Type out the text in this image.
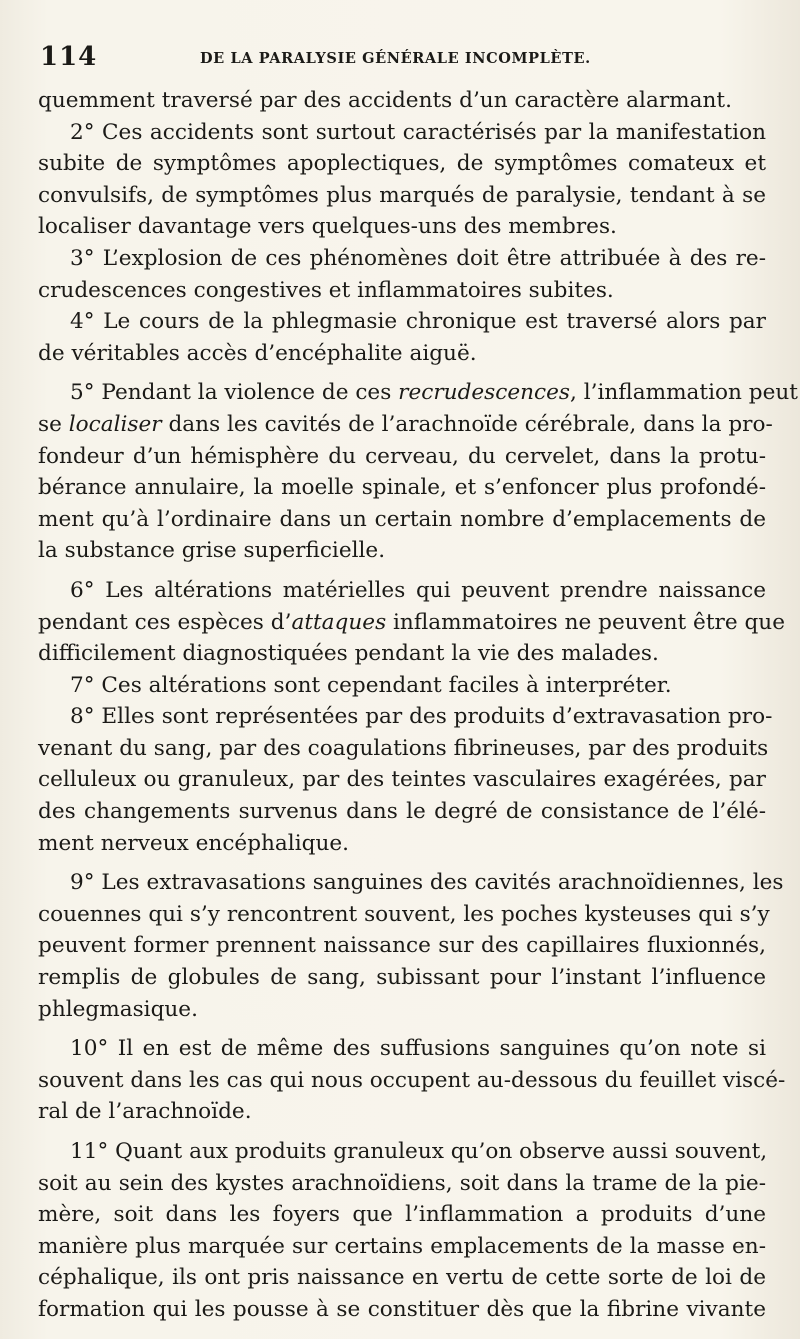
114	DE LA PARALYSIE GÉNÉRALE INCOMPLÈTE.
quemment traversé par des accidents d’un caractère alarmant.
2° Ces accidents sont surtout caractérisés par la manifestation
subite de symptômes apoplectiques, de symptômes comateux et
convulsifs, de symptômes plus marqués de paralysie, tendant à se
localiser davantage vers quelques-uns des membres.
3° L’explosion de ces phénomènes doit être attribuée à des re-
crudescences congestives et inflammatoires subites.
4° Le cours de la phlegmasie chronique est traversé alors par
de véritables accès d’encéphalite aiguë.
5° Pendant la violence de ces recrudescences, l’inflammation peut
se localiser dans les cavités de l’arachnoïde cérébrale, dans la pro-
fondeur d’un hémisphère du cerveau, du cervelet, dans la protu-
bérance annulaire, la moelle spinale, et s’enfoncer plus profondé-
ment qu’à l’ordinaire dans un certain nombre d’emplacements de
la substance grise superficielle.
6° Les altérations matérielles qui peuvent prendre naissance
pendant ces espèces d’attaques inflammatoires ne peuvent être que
difficilement diagnostiquées pendant la vie des malades.
7° Ces altérations sont cependant faciles à interpréter.
8° Elles sont représentées par des produits d’extravasation pro-
venant du sang, par des coagulations fibrineuses, par des produits
celluleux ou granuleux, par des teintes vasculaires exagérées, par
des changements survenus dans le degré de consistance de l’élé-
ment nerveux encéphalique.
9° Les extravasations sanguines des cavités arachnoïdiennes, les
couennes qui s’y rencontrent souvent, les poches kysteuses qui s’y
peuvent former prennent naissance sur des capillaires fluxionnés,
remplis de globules de sang, subissant pour l’instant l’influence
phlegmasique.
10° Il en est de même des suffusions sanguines qu’on note si
souvent dans les cas qui nous occupent au-dessous du feuillet viscé-
ral de l’arachnoïde.
11° Quant aux produits granuleux qu’on observe aussi souvent,
soit au sein des kystes arachnoïdiens, soit dans la trame de la pie-
mère, soit dans les foyers que l’inflammation a produits d’une
manière plus marquée sur certains emplacements de la masse en-
céphalique, ils ont pris naissance en vertu de cette sorte de loi de
formation qui les pousse à se constituer dès que la fibrine vivante
